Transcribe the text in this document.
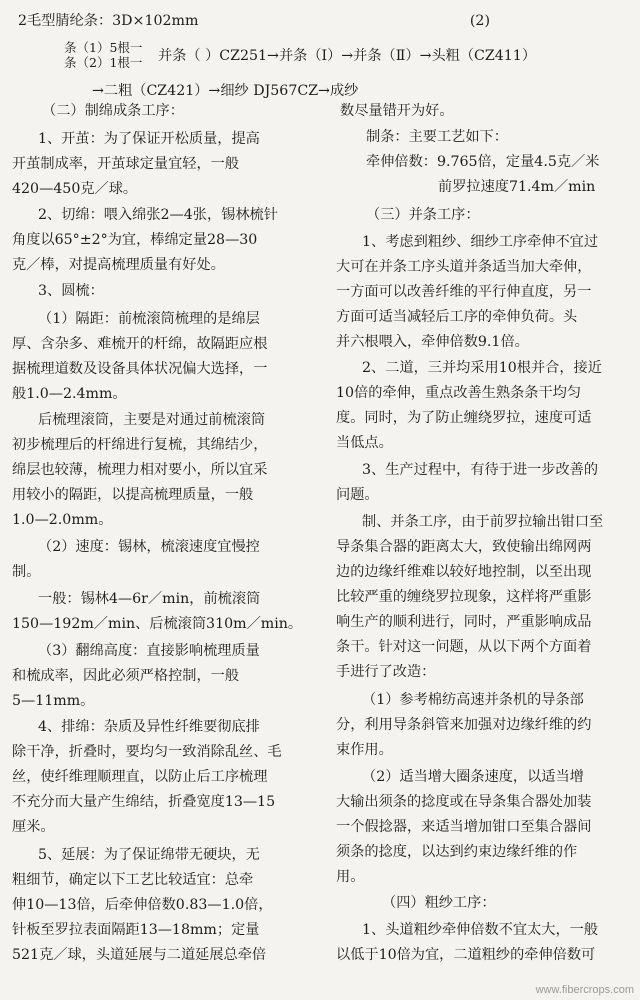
2毛型腈纶条：3D×102mm	(2)
条（1）5根一
条（2）1根一 并条（ ）CZ251→并条（Ⅰ）→并条（Ⅱ）→头粗（CZ411）
→二粗（CZ421）→细纱 DJ567CZ→成纱
（二）制绵成条工序：
1、开茧：为了保证开松质量，提高
开茧制成率，开茧球定量宜轻，一般
420—450克／球。
2、切绵：喂入绵张2—4张，锡林梳针
角度以65°±2°为宜，棒绵定量28—30
克／棒，对提高梳理质量有好处。
3、圆梳：
（1）隔距：前梳滚筒梳理的是绵层
厚、含杂多、难梳开的杆绵，故隔距应根
据梳理道数及设备具体状况偏大选择，一
般1.0—2.4mm。
后梳理滚筒，主要是对通过前梳滚筒
初步梳理后的杆绵进行复梳，其绵结少，
绵层也较薄，梳理力相对要小，所以宜采
用较小的隔距，以提高梳理质量，一般
1.0—2.0mm。
（2）速度：锡林，梳滚速度宜慢控
制。
一般：锡林4—6r／min，前梳滚筒
150—192m／min、后梳滚筒310m／min。
（3）翻绵高度：直接影响梳理质量
和梳成率，因此必须严格控制，一般
5—11mm。
4、排绵：杂质及异性纤维要彻底排
除干净，折叠时，要均匀一致消除乱丝、毛
丝，使纤维理顺理直，以防止后工序梳理
不充分而大量产生绵结，折叠宽度13—15
厘米。
5、延展：为了保证绵带无硬块，无
粗细节，确定以下工艺比较适宜：总牵
伸10—13倍，后牵伸倍数0.83—1.0倍，
针板至罗拉表面隔距13—18mm；定量
521克／球，头道延展与二道延展总牵倍
数尽量错开为好。
制条：主要工艺如下：
牵伸倍数：9.765倍，定量4.5克／米
前罗拉速度71.4m／min
（三）并条工序：
1、考虑到粗纱、细纱工序牵伸不宜过
大可在并条工序头道并条适当加大牵伸，
一方面可以改善纤维的平行伸直度，另一
方面可适当减轻后工序的牵伸负荷。头
并六根喂入，牵伸倍数9.1倍。
2、二道，三并均采用10根并合，接近
10倍的牵伸，重点改善生熟条条干均匀
度。同时，为了防止缠绕罗拉，速度可适
当低点。
3、生产过程中，有待于进一步改善的
问题。
制、并条工序，由于前罗拉输出钳口至
导条集合器的距离太大，致使输出绵网两
边的边缘纤维难以较好地控制，以至出现
比较严重的缠绕罗拉现象，这样将严重影
响生产的顺利进行，同时，严重影响成品
条干。针对这一问题，从以下两个方面着
手进行了改造：
（1）参考棉纺高速并条机的导条部
分，利用导条斜管来加强对边缘纤维的约
束作用。
（2）适当增大圈条速度，以适当增
大输出须条的捻度或在导条集合器处加装
一个假捻器，来适当增加钳口至集合器间
须条的捻度，以达到约束边缘纤维的作
用。
（四）粗纱工序：
1、头道粗纱牵伸倍数不宜太大，一般
以低于10倍为宜，二道粗纱的牵伸倍数可
www.fibercrops.com
